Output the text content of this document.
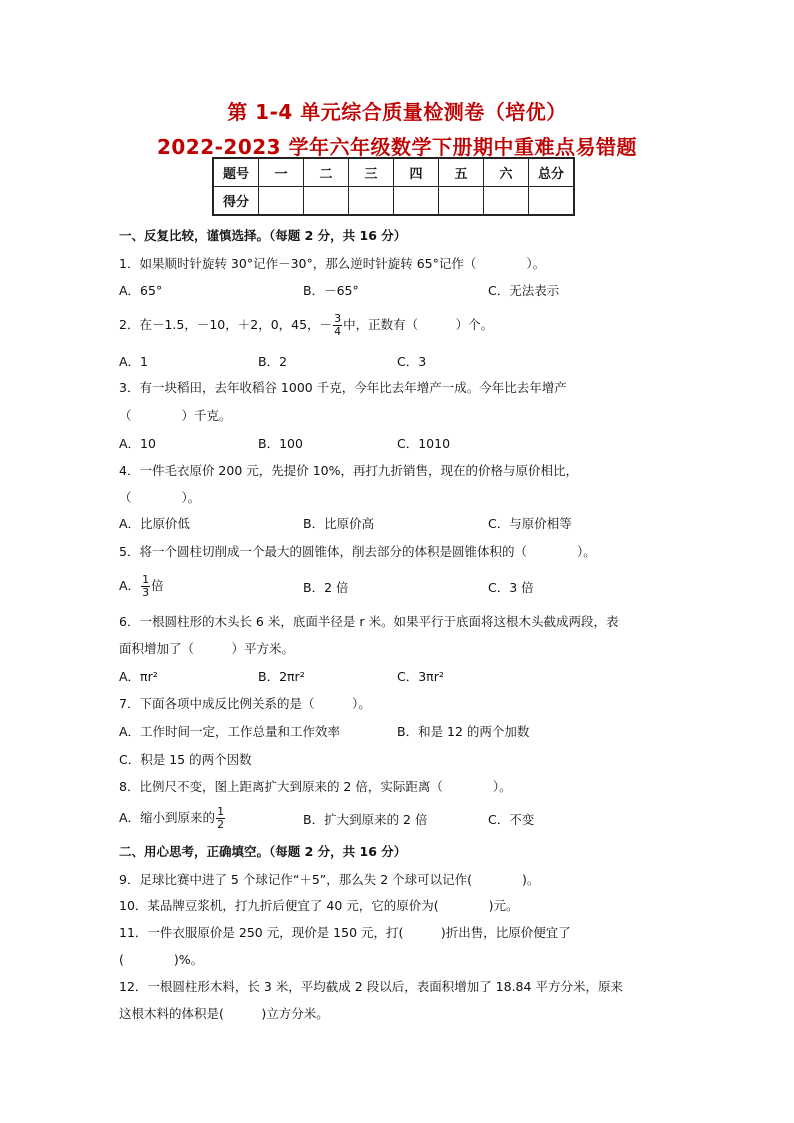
第 1-4 单元综合质量检测卷（培优）
2022-2023 学年六年级数学下册期中重难点易错题
题号	一	二	三	四	五	六	总分
得分							
一、反复比较，谨慎选择。（每题 2 分，共 16 分）
1．如果顺时针旋转 30°记作－30°，那么逆时针旋转 65°记作（　　　　）。
A．65°	B．－65°	C．无法表示
2．在－1.5，－10，＋2，0，45，－ $\frac{3}{4}$ 中，正数有（　　　）个。
A．1	B．2	C．3
3．有一块稻田，去年收稻谷 1000 千克，今年比去年增产一成。今年比去年增产
（　　　　）千克。
A．10	B．100	C．1010
4．一件毛衣原价 200 元，先提价 10%，再打九折销售，现在的价格与原价相比，
（　　　　）。
A．比原价低	B．比原价高	C．与原价相等
5．将一个圆柱切削成一个最大的圆锥体，削去部分的体积是圆锥体积的（　　　　）。
A． $\frac{1}{3}$ 倍	B．2 倍	C．3 倍
6．一根圆柱形的木头长 6 米，底面半径是 r 米。如果平行于底面将这根木头截成两段，表
面积增加了（　　　）平方米。
A．πr²	B．2πr²	C．3πr²
7．下面各项中成反比例关系的是（　　　）。
A．工作时间一定，工作总量和工作效率	B．和是 12 的两个加数
C．积是 15 的两个因数
8．比例尺不变，图上距离扩大到原来的 2 倍，实际距离（　　　　）。
A．缩小到原来的 $\frac{1}{2}$	B．扩大到原来的 2 倍	C．不变
二、用心思考，正确填空。（每题 2 分，共 16 分）
9．足球比赛中进了 5 个球记作“＋5”，那么失 2 个球可以记作(　　　　)。
10．某品牌豆浆机，打九折后便宜了 40 元，它的原价为(　　　　)元。
11．一件衣服原价是 250 元，现价是 150 元，打(　　　)折出售，比原价便宜了
(　　　　)%。
12．一根圆柱形木料，长 3 米，平均截成 2 段以后，表面积增加了 18.84 平方分米，原来
这根木料的体积是(　　　)立方分米。
